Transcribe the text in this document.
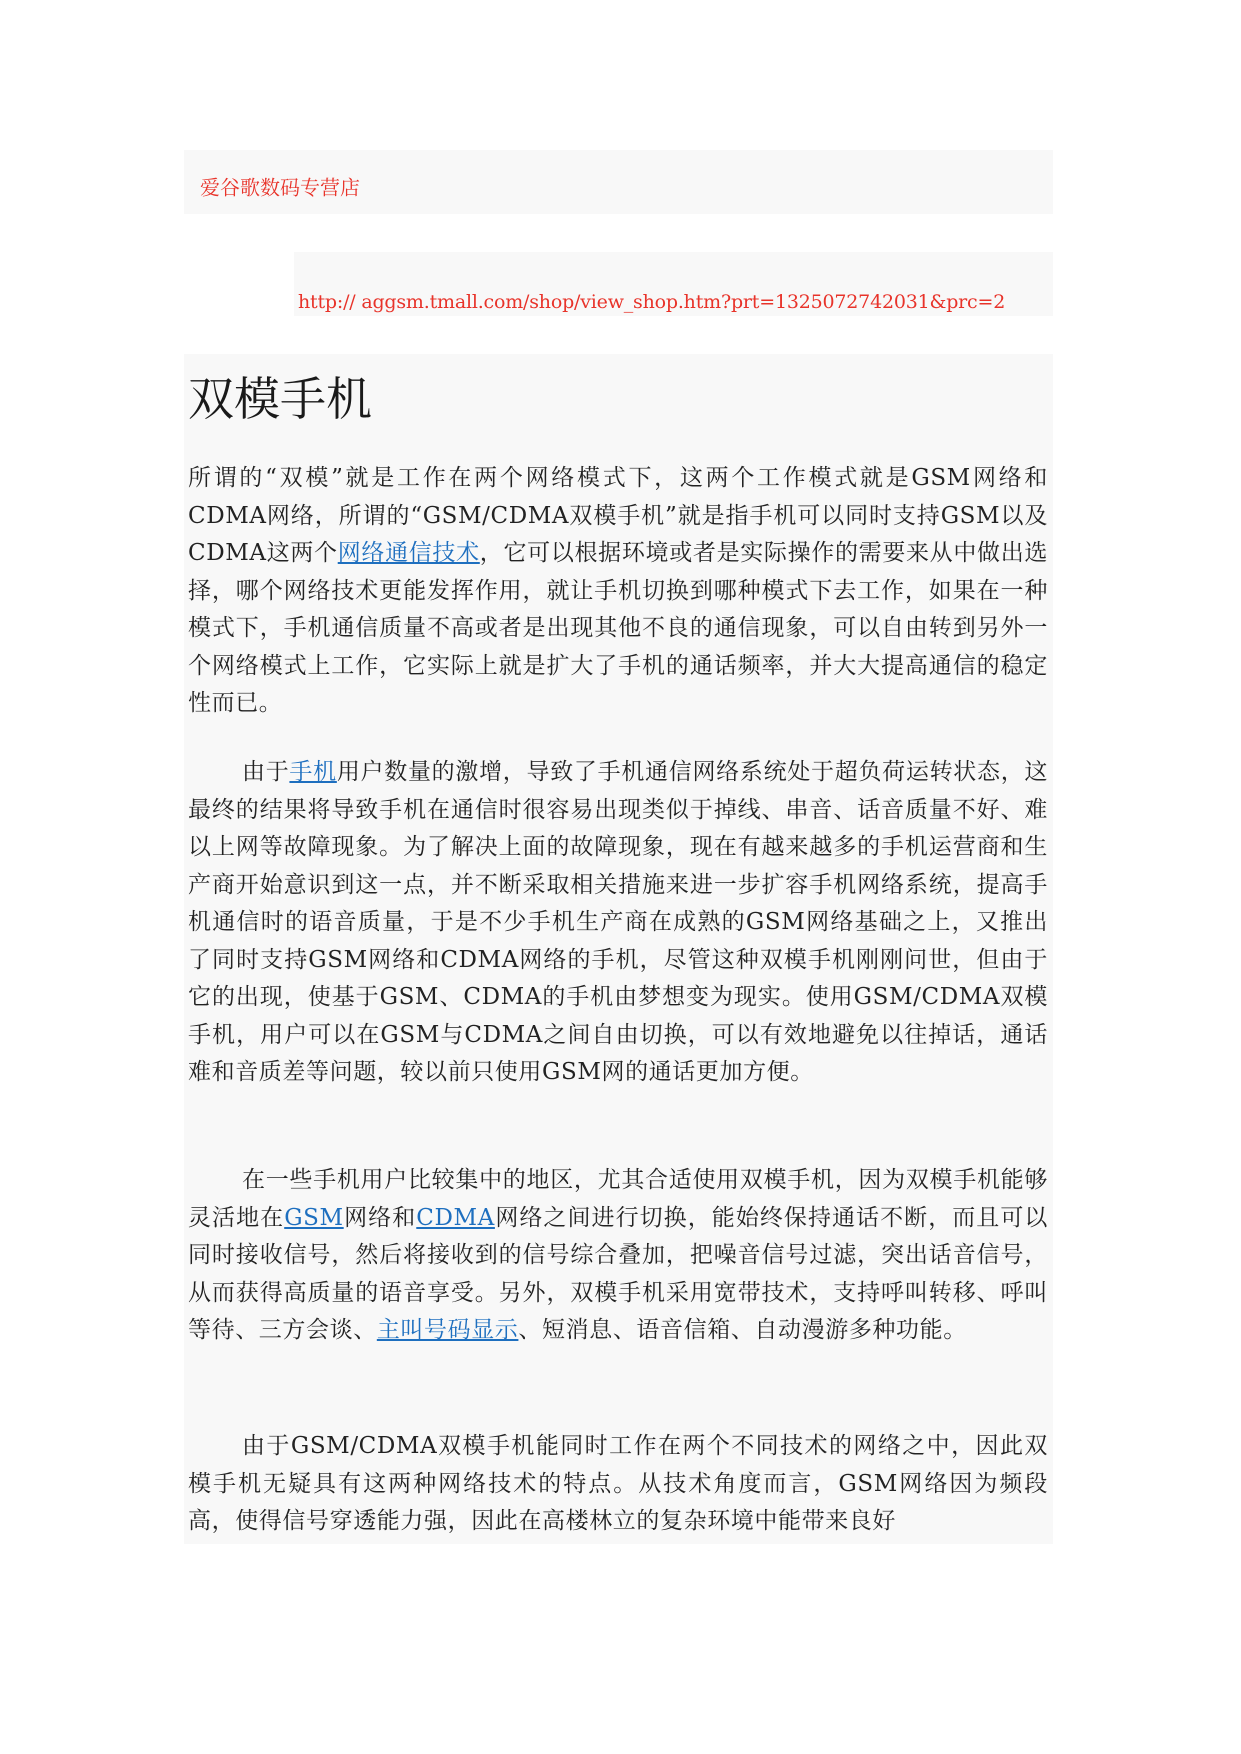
爱谷歌数码专营店
http:// aggsm.tmall.com/shop/view_shop.htm?prt=1325072742031&prc=2
双模手机

所谓的“双模”就是工作在两个网络模式下，这两个工作模式就是GSM网络和CDMA网络，所谓的“GSM/CDMA双模手机”就是指手机可以同时支持GSM以及CDMA这两个网络通信技术，它可以根据环境或者是实际操作的需要来从中做出选择，哪个网络技术更能发挥作用，就让手机切换到哪种模式下去工作，如果在一种模式下，手机通信质量不高或者是出现其他不良的通信现象，可以自由转到另外一个网络模式上工作，它实际上就是扩大了手机的通话频率，并大大提高通信的稳定性而已。

由于手机用户数量的激增，导致了手机通信网络系统处于超负荷运转状态，这最终的结果将导致手机在通信时很容易出现类似于掉线、串音、话音质量不好、难以上网等故障现象。为了解决上面的故障现象，现在有越来越多的手机运营商和生产商开始意识到这一点，并不断采取相关措施来进一步扩容手机网络系统，提高手机通信时的语音质量，于是不少手机生产商在成熟的GSM网络基础之上，又推出了同时支持GSM网络和CDMA网络的手机，尽管这种双模手机刚刚问世，但由于它的出现，使基于GSM、CDMA的手机由梦想变为现实。使用GSM/CDMA双模手机，用户可以在GSM与CDMA之间自由切换，可以有效地避免以往掉话，通话难和音质差等问题，较以前只使用GSM网的通话更加方便。

在一些手机用户比较集中的地区，尤其合适使用双模手机，因为双模手机能够灵活地在GSM网络和CDMA网络之间进行切换，能始终保持通话不断，而且可以同时接收信号，然后将接收到的信号综合叠加，把噪音信号过滤，突出话音信号，从而获得高质量的语音享受。另外，双模手机采用宽带技术，支持呼叫转移、呼叫等待、三方会谈、主叫号码显示、短消息、语音信箱、自动漫游多种功能。

由于GSM/CDMA双模手机能同时工作在两个不同技术的网络之中，因此双模手机无疑具有这两种网络技术的特点。从技术角度而言，GSM网络因为频段高，使得信号穿透能力强，因此在高楼林立的复杂环境中能带来良好
